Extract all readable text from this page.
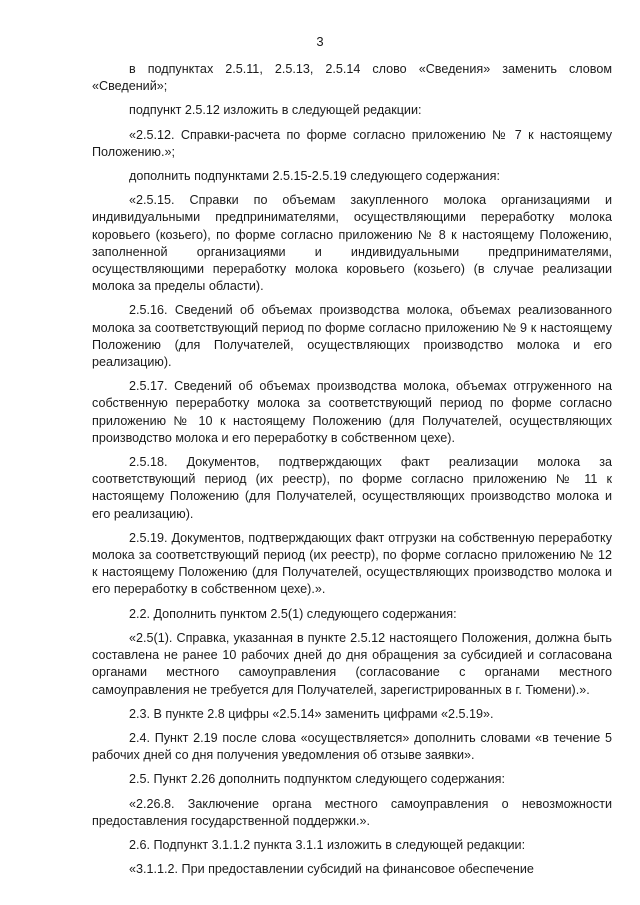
3

в подпунктах 2.5.11, 2.5.13, 2.5.14 слово «Сведения» заменить словом «Сведений»;

подпункт 2.5.12 изложить в следующей редакции:

«2.5.12. Справки-расчета по форме согласно приложению № 7 к настоящему Положению.»;

дополнить подпунктами 2.5.15-2.5.19 следующего содержания:

«2.5.15. Справки по объемам закупленного молока организациями и индивидуальными предпринимателями, осуществляющими переработку молока коровьего (козьего), по форме согласно приложению № 8 к настоящему Положению, заполненной организациями и индивидуальными предпринимателями, осуществляющими переработку молока коровьего (козьего) (в случае реализации молока за пределы области).

2.5.16. Сведений об объемах производства молока, объемах реализованного молока за соответствующий период по форме согласно приложению № 9 к настоящему Положению (для Получателей, осуществляющих производство молока и его реализацию).

2.5.17. Сведений об объемах производства молока, объемах отгруженного на собственную переработку молока за соответствующий период по форме согласно приложению № 10 к настоящему Положению (для Получателей, осуществляющих производство молока и его переработку в собственном цехе).

2.5.18. Документов, подтверждающих факт реализации молока за соответствующий период (их реестр), по форме согласно приложению № 11 к настоящему Положению (для Получателей, осуществляющих производство молока и его реализацию).

2.5.19. Документов, подтверждающих факт отгрузки на собственную переработку молока за соответствующий период (их реестр), по форме согласно приложению № 12 к настоящему Положению (для Получателей, осуществляющих производство молока и его переработку в собственном цехе).».

2.2. Дополнить пунктом 2.5(1) следующего содержания:

«2.5(1). Справка, указанная в пункте 2.5.12 настоящего Положения, должна быть составлена не ранее 10 рабочих дней до дня обращения за субсидией и согласована органами местного самоуправления (согласование с органами местного самоуправления не требуется для Получателей, зарегистрированных в г. Тюмени).».

2.3. В пункте 2.8 цифры «2.5.14» заменить цифрами «2.5.19».

2.4. Пункт 2.19 после слова «осуществляется» дополнить словами «в течение 5 рабочих дней со дня получения уведомления об отзыве заявки».

2.5. Пункт 2.26 дополнить подпунктом следующего содержания:

«2.26.8. Заключение органа местного самоуправления о невозможности предоставления государственной поддержки.».

2.6. Подпункт 3.1.1.2 пункта 3.1.1 изложить в следующей редакции:

«3.1.1.2. При предоставлении субсидий на финансовое обеспечение
